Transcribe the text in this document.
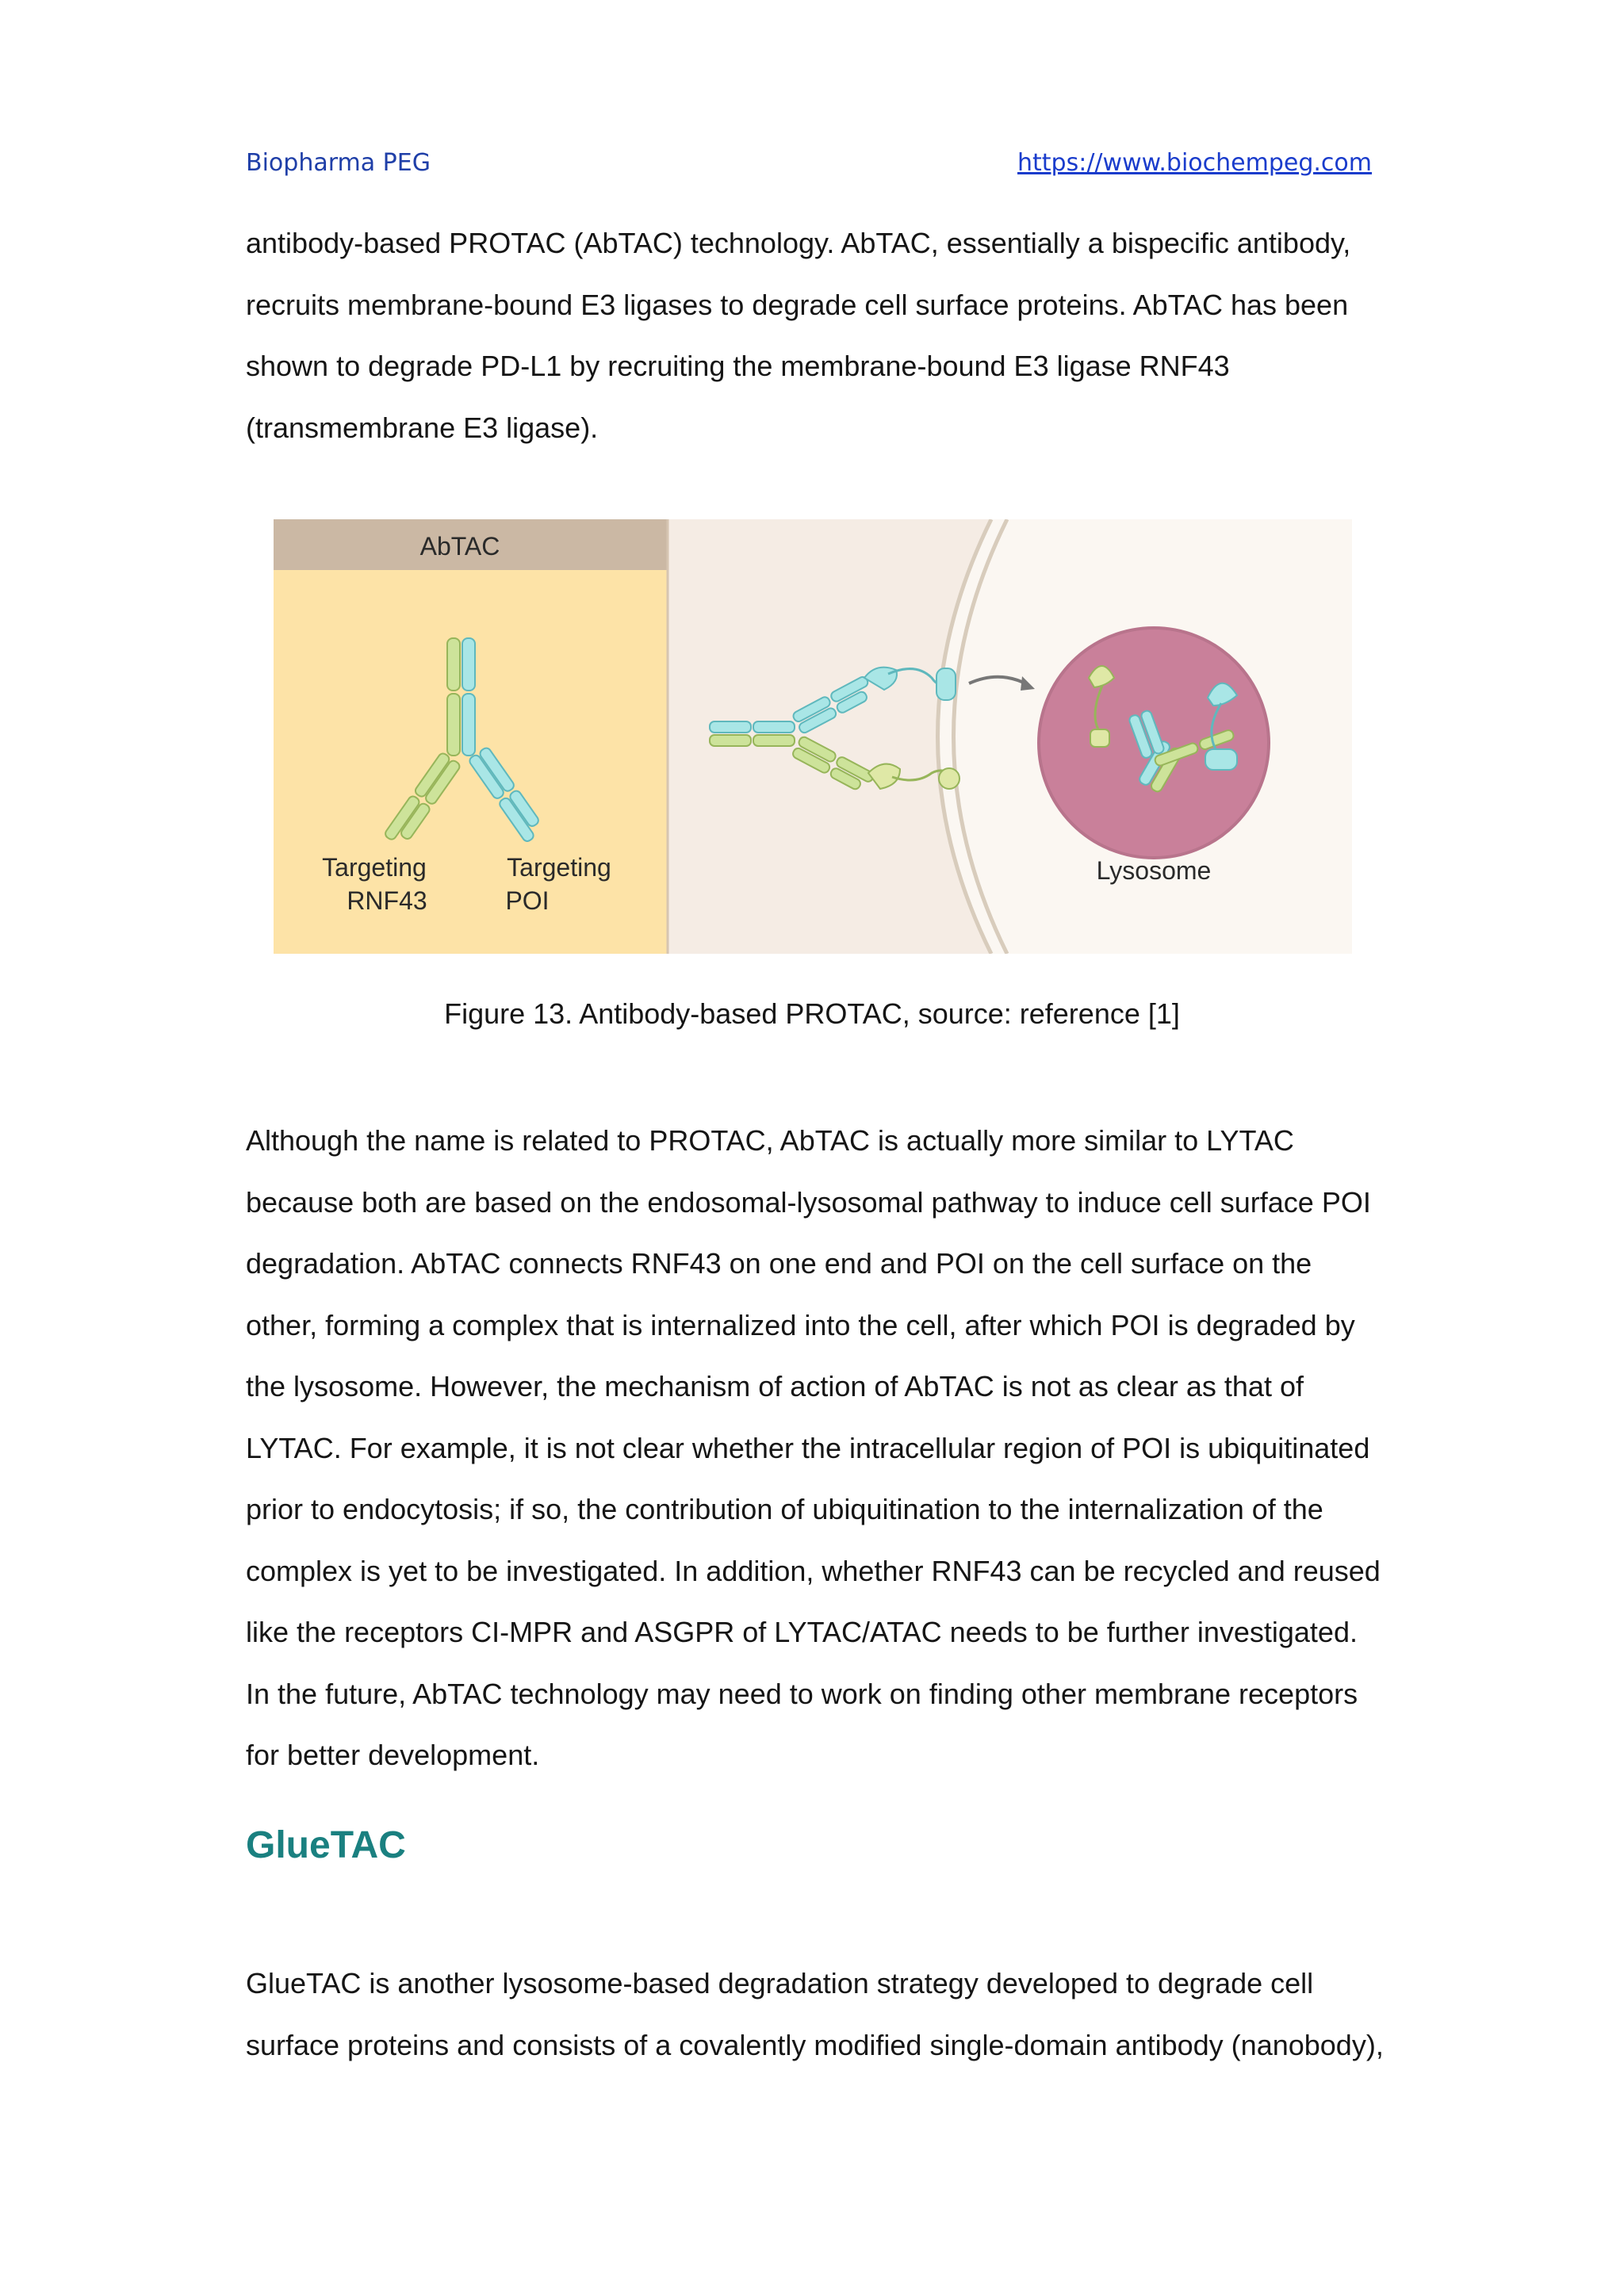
Biopharma PEG	https://www.biochempeg.com

antibody-based PROTAC (AbTAC) technology. AbTAC, essentially a bispecific antibody,
recruits membrane-bound E3 ligases to degrade cell surface proteins. AbTAC has been
shown to degrade PD-L1 by recruiting the membrane-bound E3 ligase RNF43
(transmembrane E3 ligase).

AbTAC
Targeting
RNF43
Targeting
POI
Lysosome
Figure 13. Antibody-based PROTAC, source: reference [1]

Although the name is related to PROTAC, AbTAC is actually more similar to LYTAC
because both are based on the endosomal-lysosomal pathway to induce cell surface POI
degradation. AbTAC connects RNF43 on one end and POI on the cell surface on the
other, forming a complex that is internalized into the cell, after which POI is degraded by
the lysosome. However, the mechanism of action of AbTAC is not as clear as that of
LYTAC. For example, it is not clear whether the intracellular region of POI is ubiquitinated
prior to endocytosis; if so, the contribution of ubiquitination to the internalization of the
complex is yet to be investigated. In addition, whether RNF43 can be recycled and reused
like the receptors CI-MPR and ASGPR of LYTAC/ATAC needs to be further investigated.
In the future, AbTAC technology may need to work on finding other membrane receptors
for better development.

GlueTAC

GlueTAC is another lysosome-based degradation strategy developed to degrade cell
surface proteins and consists of a covalently modified single-domain antibody (nanobody),
